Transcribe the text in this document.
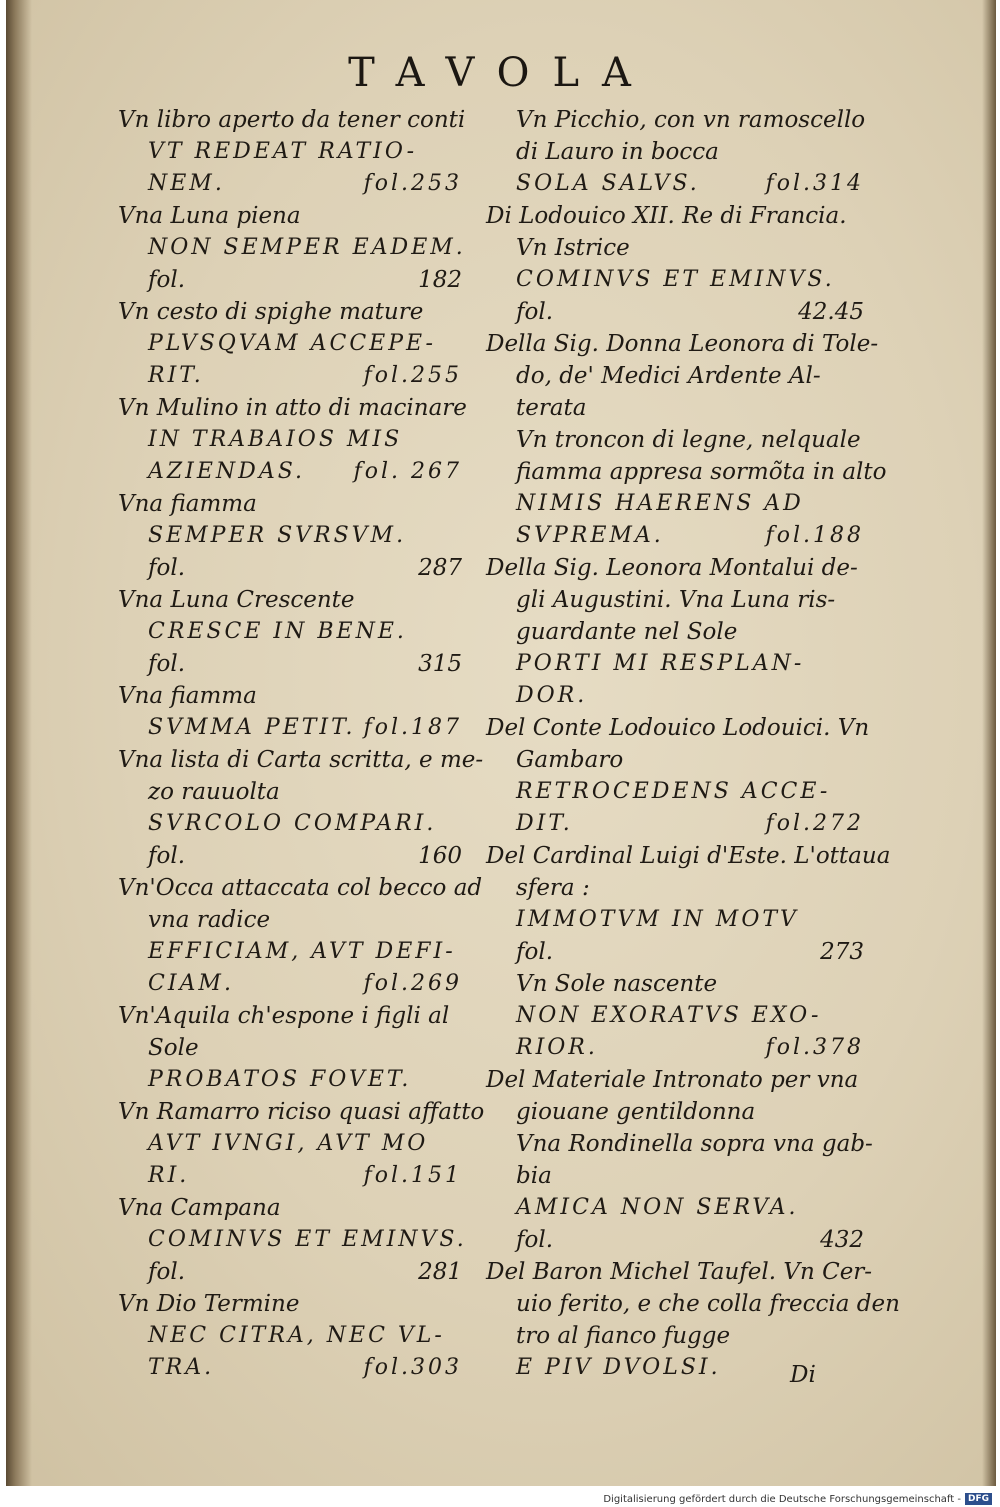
TAVOLA
Vn libro aperto da tener conti
VT REDEAT RATIO-
NEM.	fol.253
Vna Luna piena
NON SEMPER EADEM.
fol.	182
Vn cesto di spighe mature
PLVSQVAM ACCEPE-
RIT.	fol.255
Vn Mulino in atto di macinare
IN TRABAIOS MIS
AZIENDAS. fol. 267
Vna fiamma
SEMPER SVRSVM.
fol.	287
Vna Luna Crescente
CRESCE IN BENE.
fol.	315
Vna fiamma
SVMMA PETIT. fol.187
Vna lista di Carta scritta, e me-
zo rauuolta
SVRCOLO COMPARI.
fol.	160
Vn'Occa attaccata col becco ad
vna radice
EFFICIAM, AVT DEFI-
CIAM.	fol.269
Vn'Aquila ch'espone i figli al
Sole
PROBATOS FOVET.
Vn Ramarro ricisо quasi affatto
AVT IVNGI, AVT MO
RI.	fol.151
Vna Campana
COMINVS ET EMINVS.
fol.	281
Vn Dio Termine
NEC CITRA, NEC VL-
TRA.	fol.303
Vn Picchio, con vn ramoscello
di Lauro in bocca
SOLA SALVS.	fol.314
Di Lodouico XII. Re di Francia.
Vn Istrice
COMINVS ET EMINVS.
fol.	42.45
Della Sig. Donna Leonora di Tole-
do, de' Medici Ardente Al-
terata
Vn troncon di legne, nelquale
fiamma appresa sormõta in alto
NIMIS HAERENS AD
SVPREMA.	fol.188
Della Sig. Leonora Montalui de-
gli Augustini. Vna Luna ris-
guardante nel Sole
PORTI MI RESPLAN-
DOR.
Del Conte Lodouico Lodouici. Vn
Gambaro
RETROCEDENS ACCE-
DIT.	fol.272
Del Cardinal Luigi d'Este. L'ottaua
sfera :
IMMOTVM IN MOTV
fol.	273
Vn Sole nascente
NON EXORATVS EXO-
RIOR.	fol.378
Del Materiale Intronato per vna
giouane gentildonna
Vna Rondinella sopra vna gab-
bia
AMICA NON SERVA.
fol.	432
Del Baron Michel Taufel. Vn Cer-
uio ferito, e che colla freccia den
tro al fianco fugge
E PIV DVOLSI.	Di
Digitalisierung gefördert durch die Deutsche Forschungsgemeinschaft - DFG
